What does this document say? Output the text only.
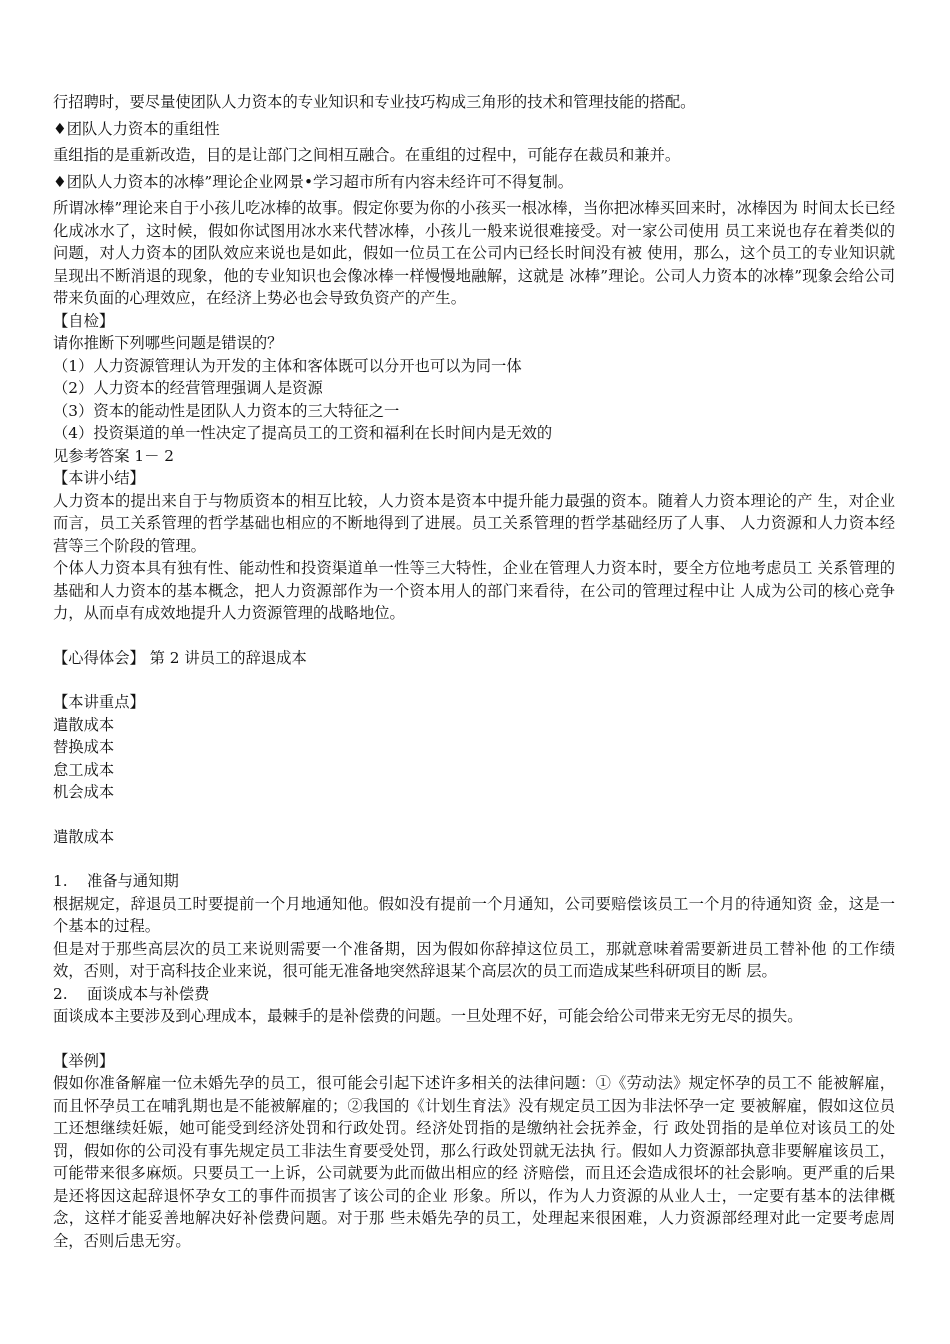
行招聘时，要尽量使团队人力资本的专业知识和专业技巧构成三角形的技术和管理技能的搭配。

♦团队人力资本的重组性

重组指的是重新改造，目的是让部门之间相互融合。在重组的过程中，可能存在裁员和兼并。

♦团队人力资本的冰棒”理论企业网景•学习超市所有内容未经许可不得复制。

所谓冰棒”理论来自于小孩儿吃冰棒的故事。假定你要为你的小孩买一根冰棒，当你把冰棒买回来时，冰棒因为 时间太长已经化成冰水了，这时候，假如你试图用冰水来代替冰棒，小孩儿一般来说很难接受。对一家公司使用 员工来说也存在着类似的问题，对人力资本的团队效应来说也是如此，假如一位员工在公司内已经长时间没有被 使用，那么，这个员工的专业知识就呈现出不断消退的现象，他的专业知识也会像冰棒一样慢慢地融解，这就是 冰棒”理论。公司人力资本的冰棒”现象会给公司带来负面的心理效应，在经济上势必也会导致负资产的产生。

【自检】

请你推断下列哪些问题是错误的？

（1）人力资源管理认为开发的主体和客体既可以分开也可以为同一体

（2）人力资本的经营管理强调人是资源

（3）资本的能动性是团队人力资本的三大特征之一

（4）投资渠道的单一性决定了提高员工的工资和福利在长时间内是无效的

见参考答案 1－ 2

【本讲小结】

人力资本的提出来自于与物质资本的相互比较，人力资本是资本中提升能力最强的资本。随着人力资本理论的产 生，对企业而言，员工关系管理的哲学基础也相应的不断地得到了进展。员工关系管理的哲学基础经历了人事、 人力资源和人力资本经营等三个阶段的管理。

个体人力资本具有独有性、能动性和投资渠道单一性等三大特性，企业在管理人力资本时，要全方位地考虑员工 关系管理的基础和人力资本的基本概念，把人力资源部作为一个资本用人的部门来看待，在公司的管理过程中让 人成为公司的核心竞争力，从而卓有成效地提升人力资源管理的战略地位。

【心得体会】 第 2 讲员工的辞退成本

【本讲重点】

遣散成本

替换成本

怠工成本

机会成本

遣散成本

1.	准备与通知期

根据规定，辞退员工时要提前一个月地通知他。假如没有提前一个月通知，公司要赔偿该员工一个月的待通知资 金，这是一个基本的过程。

但是对于那些高层次的员工来说则需要一个准备期，因为假如你辞掉这位员工，那就意味着需要新进员工替补他 的工作绩效，否则，对于高科技企业来说，很可能无准备地突然辞退某个高层次的员工而造成某些科研项目的断 层。

2.	面谈成本与补偿费

面谈成本主要涉及到心理成本，最棘手的是补偿费的问题。一旦处理不好，可能会给公司带来无穷无尽的损失。

【举例】

假如你准备解雇一位未婚先孕的员工，很可能会引起下述许多相关的法律问题：①《劳动法》规定怀孕的员工不 能被解雇，而且怀孕员工在哺乳期也是不能被解雇的；②我国的《计划生育法》没有规定员工因为非法怀孕一定 要被解雇，假如这位员工还想继续妊娠，她可能受到经济处罚和行政处罚。经济处罚指的是缴纳社会抚养金，行 政处罚指的是单位对该员工的处罚，假如你的公司没有事先规定员工非法生育要受处罚，那么行政处罚就无法执 行。假如人力资源部执意非要解雇该员工，可能带来很多麻烦。只要员工一上诉，公司就要为此而做出相应的经 济赔偿，而且还会造成很坏的社会影响。更严重的后果是还将因这起辞退怀孕女工的事件而损害了该公司的企业 形象。所以，作为人力资源的从业人士，一定要有基本的法律概念，这样才能妥善地解决好补偿费问题。对于那 些未婚先孕的员工，处理起来很困难，人力资源部经理对此一定要考虑周全，否则后患无穷。
